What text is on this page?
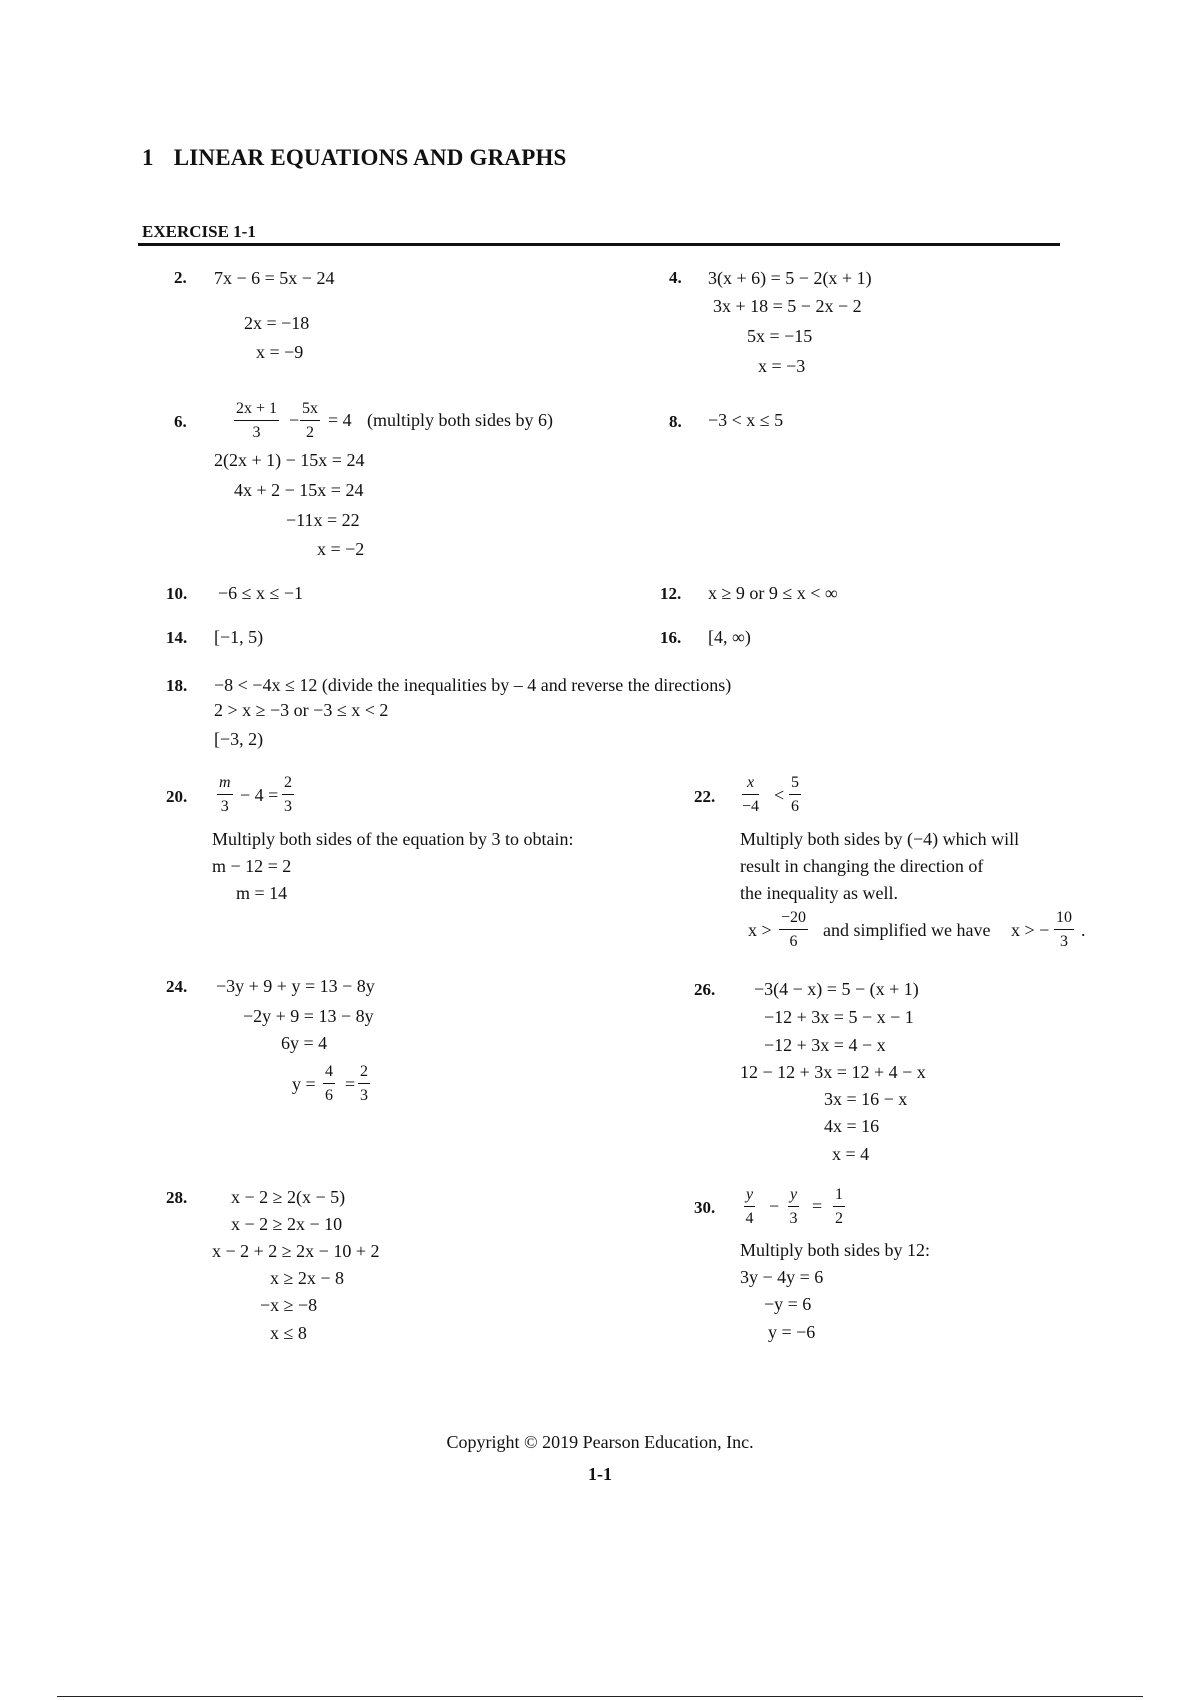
1 LINEAR EQUATIONS AND GRAPHS
EXERCISE 1-1
2. 7x − 6 = 5x − 24
2x = −18
x = −9
4. 3(x + 6) = 5 − 2(x + 1)
3x + 18 = 5 − 2x − 2
5x = −15
x = −3
6.	$\frac{2x + 1}{3} - \frac{5x}{2} = 4$ (multiply both sides by 6)
2(2x + 1) − 15x = 24
4x + 2 − 15x = 24
−11x = 22
x = −2
8. −3 < x ≤ 5
10. −6 ≤ x ≤ −1	12. x ≥ 9 or 9 ≤ x < ∞
14. [−1, 5)	16. [4, ∞)
18. −8 < −4x ≤ 12 (divide the inequalities by – 4 and reverse the directions)
2 > x ≥ −3 or −3 ≤ x < 2
[−3, 2)
20. $\frac{m}{3} - 4 = \frac{2}{3}$
Multiply both sides of the equation by 3 to obtain:
m − 12 = 2
m = 14
22. $\frac{x}{-4} < \frac{5}{6}$
Multiply both sides by (−4) which will
result in changing the direction of
the inequality as well.
$x > \frac{-20}{6}$ and simplified we have x > − $\frac{10}{3}$ .
24. −3y + 9 + y = 13 − 8y
−2y + 9 = 13 − 8y
6y = 4
$y = \frac{4}{6} = \frac{2}{3}$
26. −3(4 − x) = 5 − (x + 1)
−12 + 3x = 5 − x − 1
−12 + 3x = 4 − x
12 − 12 + 3x = 12 + 4 − x
3x = 16 − x
4x = 16
x = 4
28. x − 2 ≥ 2(x − 5)
x − 2 ≥ 2x − 10
x − 2 + 2 ≥ 2x − 10 + 2
x ≥ 2x − 8
−x ≥ −8
x ≤ 8
30. $\frac{y}{4} - \frac{y}{3} = \frac{1}{2}$
Multiply both sides by 12:
3y − 4y = 6
−y = 6
y = −6
Copyright © 2019 Pearson Education, Inc.
1-1
